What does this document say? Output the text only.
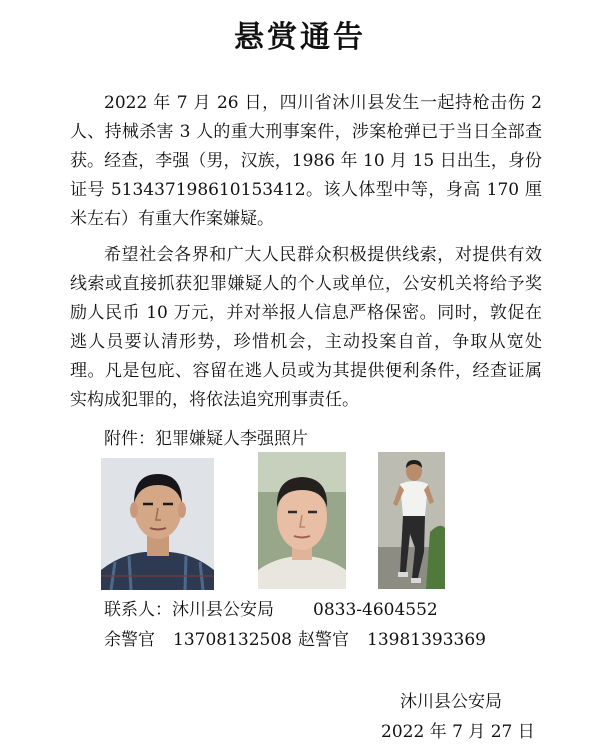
悬赏通告

2022 年 7 月 26 日，四川省沐川县发生一起持枪击伤 2 人、持械杀害 3 人的重大刑事案件，涉案枪弹已于当日全部查获。经查，李强（男，汉族，1986 年 10 月 15 日出生，身份证号 513437198610153412。该人体型中等，身高 170 厘米左右）有重大作案嫌疑。

希望社会各界和广大人民群众积极提供线索，对提供有效线索或直接抓获犯罪嫌疑人的个人或单位，公安机关将给予奖励人民币 10 万元，并对举报人信息严格保密。同时，敦促在逃人员要认清形势，珍惜机会，主动投案自首，争取从宽处理。凡是包庇、容留在逃人员或为其提供便利条件，经查证属实构成犯罪的，将依法追究刑事责任。

附件：犯罪嫌疑人李强照片
联系人：沐川县公安局 0833-4604552
余警官 13708132508 赵警官 13981393369
沐川县公安局
2022 年 7 月 27 日
